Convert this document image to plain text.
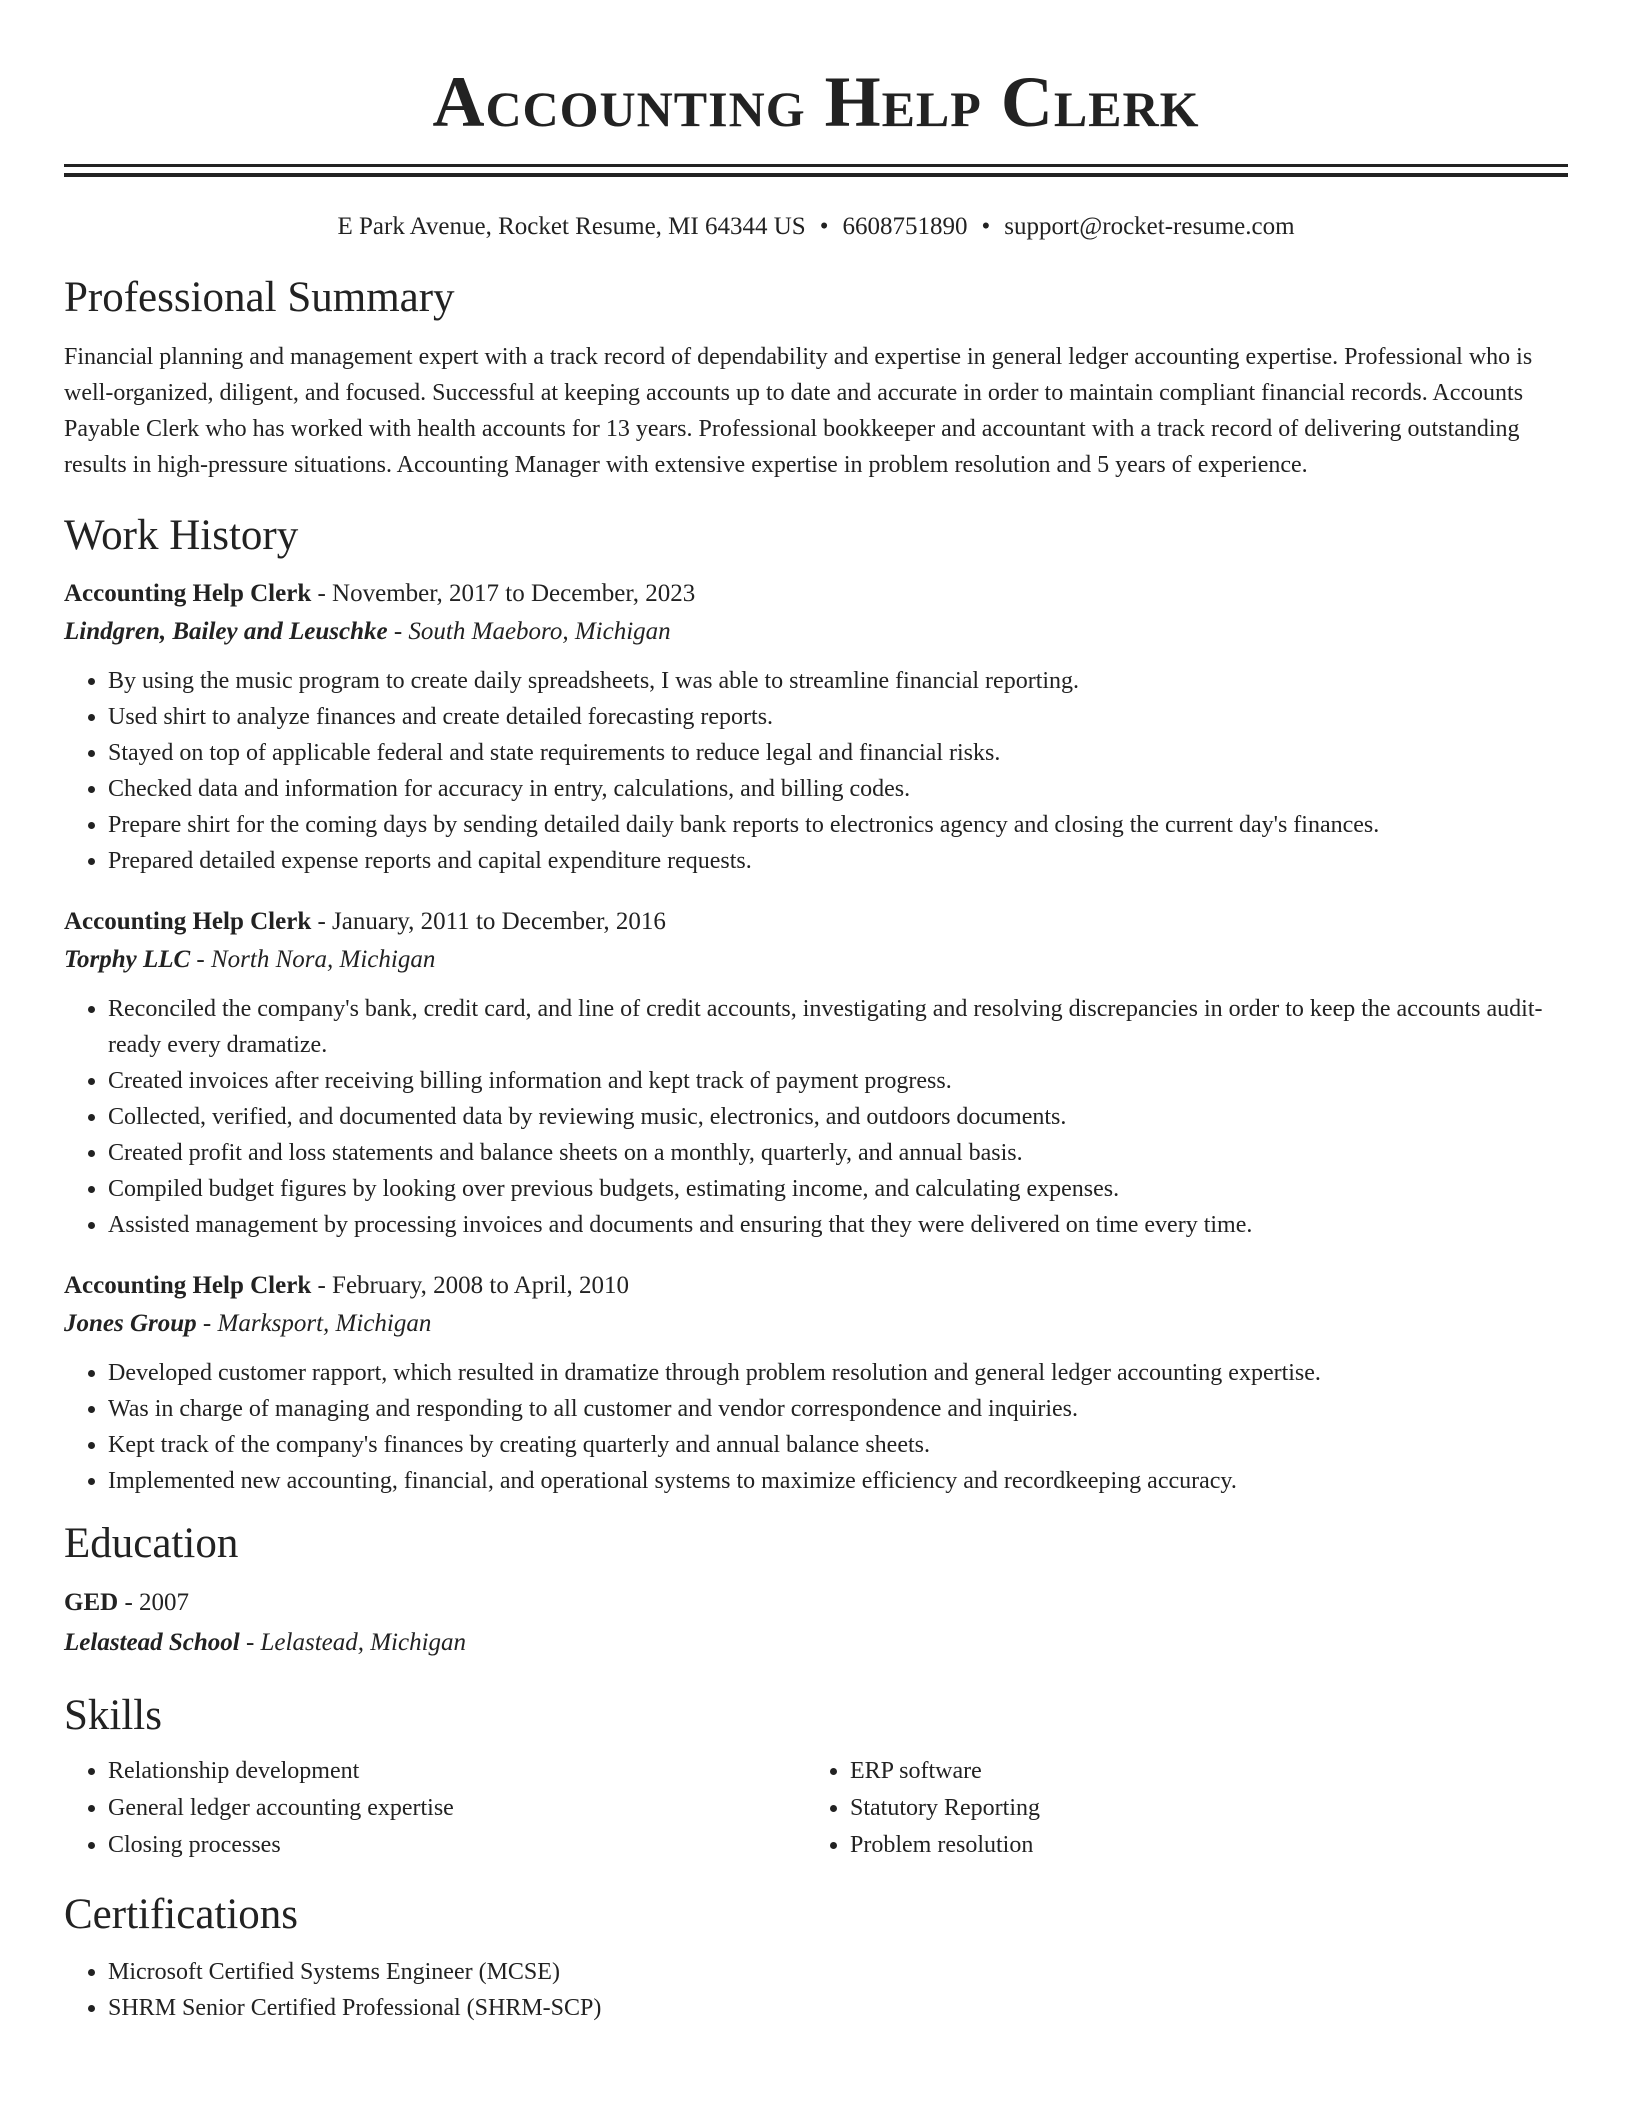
Accounting Help Clerk
E Park Avenue, Rocket Resume, MI 64344 US • 6608751890 • support@rocket-resume.com
Professional Summary

Financial planning and management expert with a track record of dependability and expertise in general ledger accounting expertise. Professional who is well-organized, diligent, and focused. Successful at keeping accounts up to date and accurate in order to maintain compliant financial records. Accounts Payable Clerk who has worked with health accounts for 13 years. Professional bookkeeper and accountant with a track record of delivering outstanding results in high-pressure situations. Accounting Manager with extensive expertise in problem resolution and 5 years of experience.

Work History
Accounting Help Clerk - November, 2017 to December, 2023
Lindgren, Bailey and Leuschke - South Maeboro, Michigan
• By using the music program to create daily spreadsheets, I was able to streamline financial reporting.
• Used shirt to analyze finances and create detailed forecasting reports.
• Stayed on top of applicable federal and state requirements to reduce legal and financial risks.
• Checked data and information for accuracy in entry, calculations, and billing codes.
• Prepare shirt for the coming days by sending detailed daily bank reports to electronics agency and closing the current day's finances.
• Prepared detailed expense reports and capital expenditure requests.
Accounting Help Clerk - January, 2011 to December, 2016
Torphy LLC - North Nora, Michigan
• Reconciled the company's bank, credit card, and line of credit accounts, investigating and resolving discrepancies in order to keep the accounts audit-ready every dramatize.
• Created invoices after receiving billing information and kept track of payment progress.
• Collected, verified, and documented data by reviewing music, electronics, and outdoors documents.
• Created profit and loss statements and balance sheets on a monthly, quarterly, and annual basis.
• Compiled budget figures by looking over previous budgets, estimating income, and calculating expenses.
• Assisted management by processing invoices and documents and ensuring that they were delivered on time every time.
Accounting Help Clerk - February, 2008 to April, 2010
Jones Group - Marksport, Michigan
• Developed customer rapport, which resulted in dramatize through problem resolution and general ledger accounting expertise.
• Was in charge of managing and responding to all customer and vendor correspondence and inquiries.
• Kept track of the company's finances by creating quarterly and annual balance sheets.
• Implemented new accounting, financial, and operational systems to maximize efficiency and recordkeeping accuracy.
Education
GED - 2007
Lelastead School - Lelastead, Michigan
Skills
• Relationship development
• General ledger accounting expertise
• Closing processes
• ERP software
• Statutory Reporting
• Problem resolution
Certifications
• Microsoft Certified Systems Engineer (MCSE)
• SHRM Senior Certified Professional (SHRM-SCP)
